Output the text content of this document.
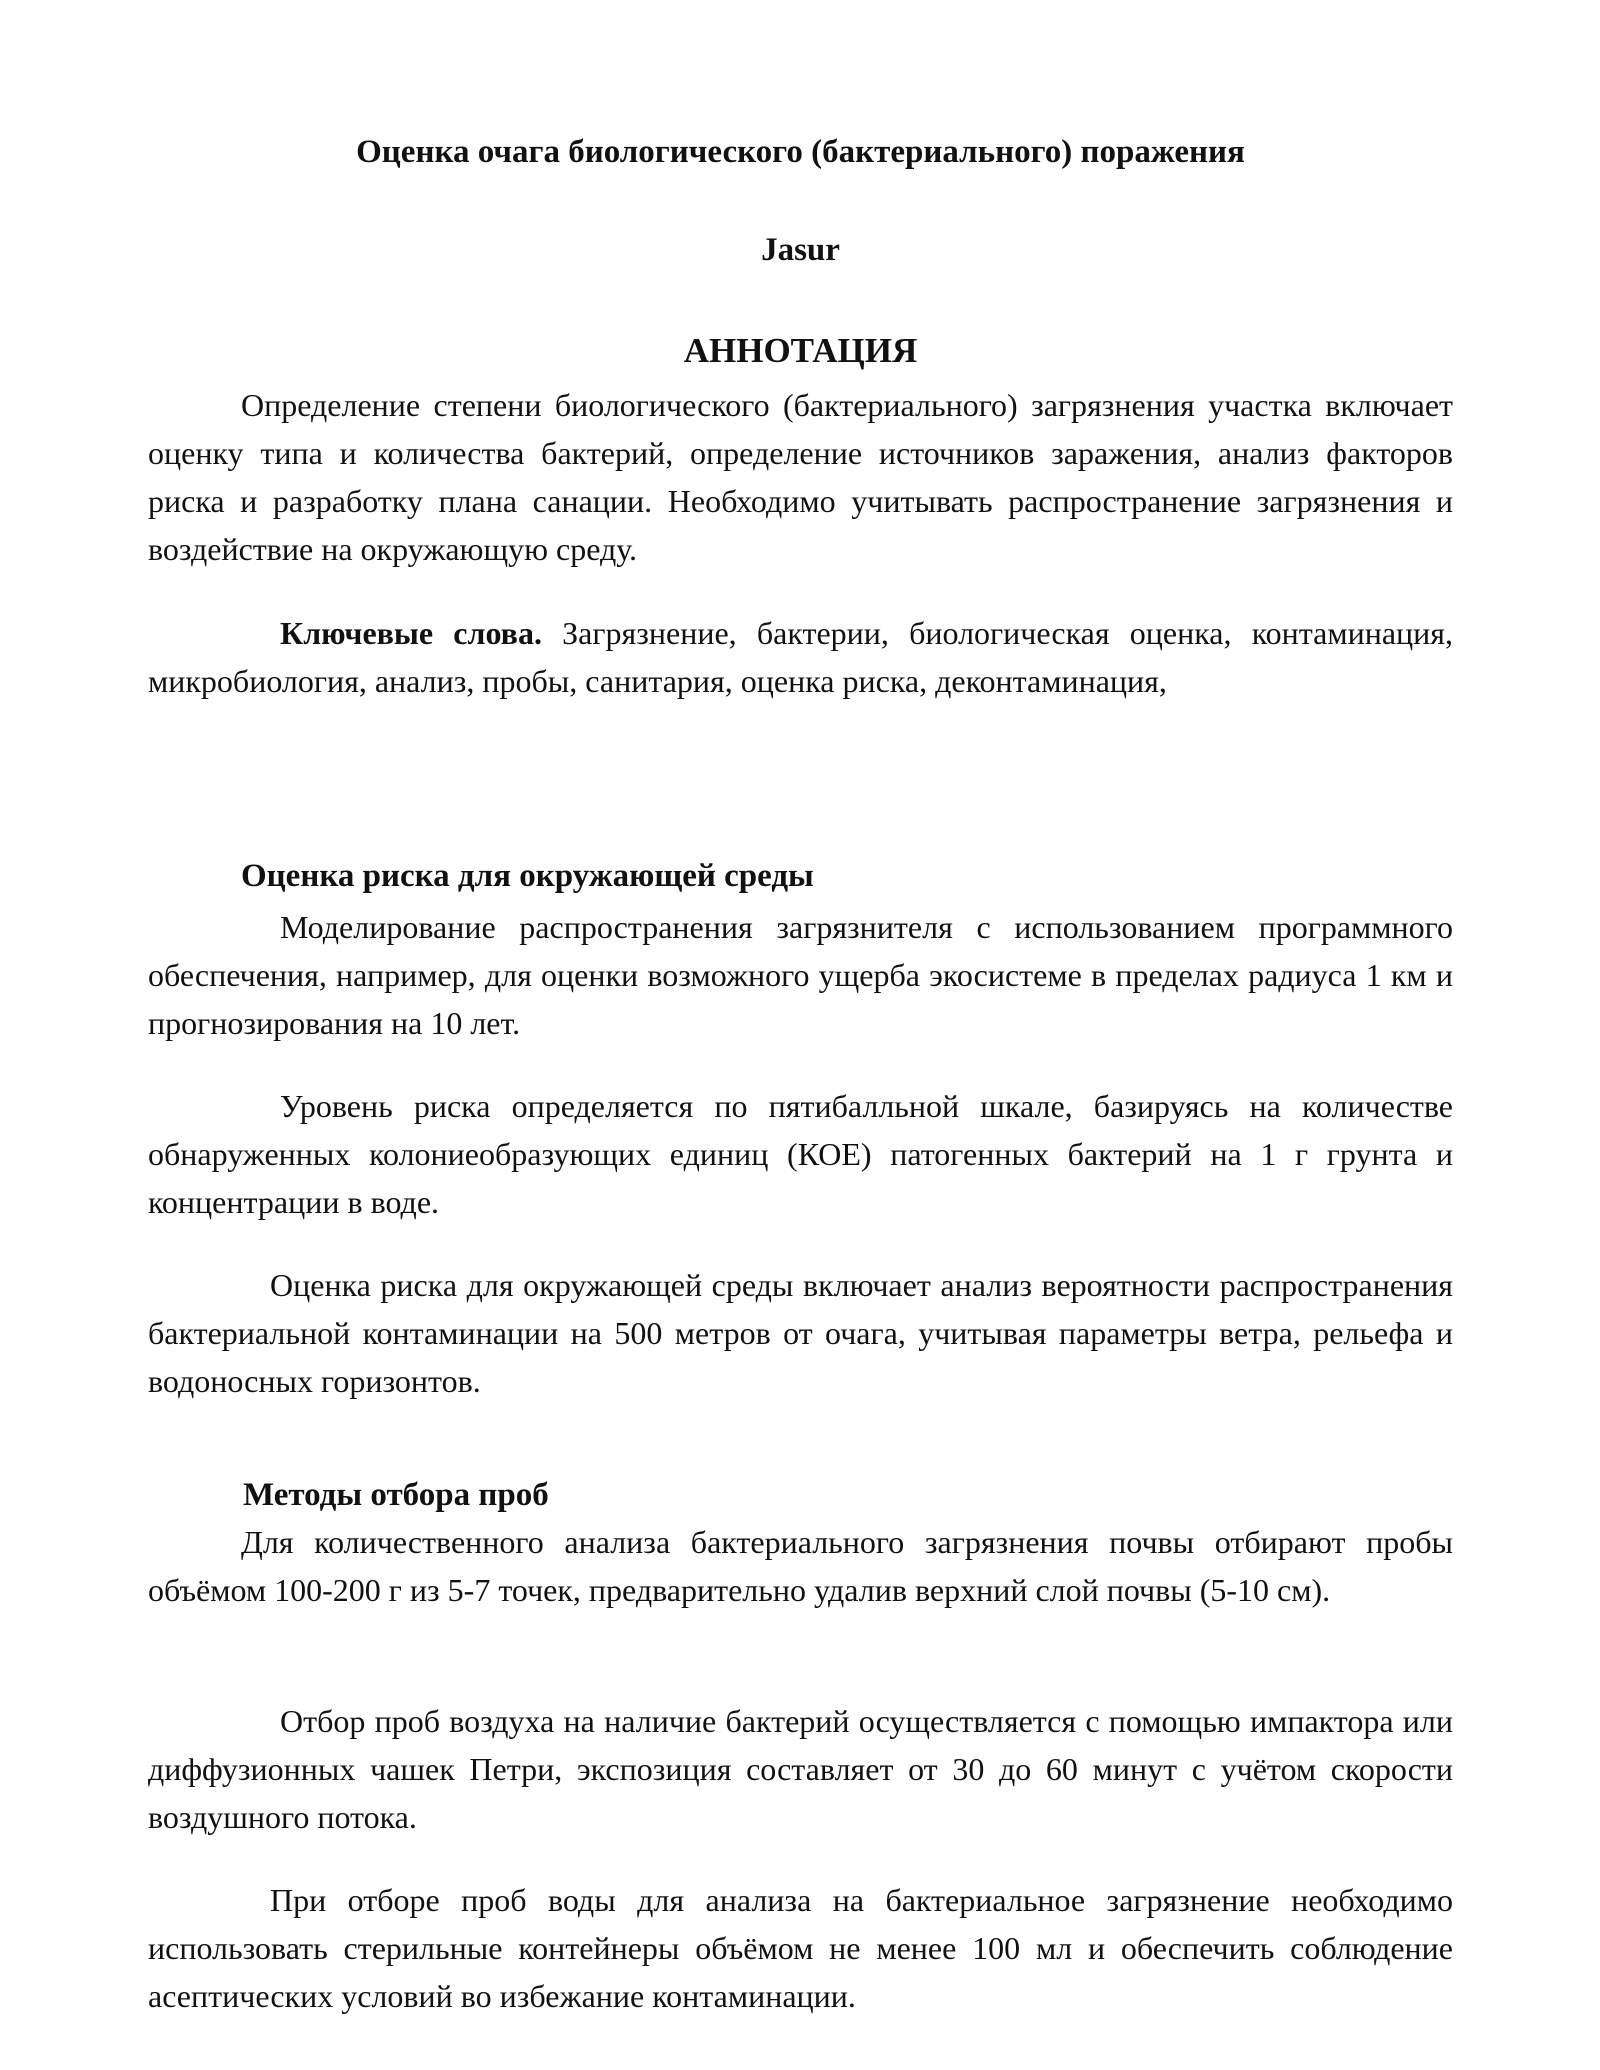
Оценка очага биологического (бактериального) поражения
Jasur
АННОТАЦИЯ

Определение степени биологического (бактериального) загрязнения участка включает оценку типа и количества бактерий, определение источников заражения, анализ факторов риска и разработку плана санации. Необходимо учитывать распространение загрязнения и воздействие на окружающую среду.

Ключевые слова. Загрязнение, бактерии, биологическая оценка, контаминация, микробиология, анализ, пробы, санитария, оценка риска, деконтаминация,

Оценка риска для окружающей среды

Моделирование распространения загрязнителя с использованием программного обеспечения, например, для оценки возможного ущерба экосистеме в пределах радиуса 1 км и прогнозирования на 10 лет.

Уровень риска определяется по пятибалльной шкале, базируясь на количестве обнаруженных колониеобразующих единиц (КОЕ) патогенных бактерий на 1 г грунта и концентрации в воде.

Оценка риска для окружающей среды включает анализ вероятности распространения бактериальной контаминации на 500 метров от очага, учитывая параметры ветра, рельефа и водоносных горизонтов.

Методы отбора проб

Для количественного анализа бактериального загрязнения почвы отбирают пробы объёмом 100-200 г из 5-7 точек, предварительно удалив верхний слой почвы (5-10 см).

Отбор проб воздуха на наличие бактерий осуществляется с помощью импактора или диффузионных чашек Петри, экспозиция составляет от 30 до 60 минут с учётом скорости воздушного потока.

При отборе проб воды для анализа на бактериальное загрязнение необходимо использовать стерильные контейнеры объёмом не менее 100 мл и обеспечить соблюдение асептических условий во избежание контаминации.
